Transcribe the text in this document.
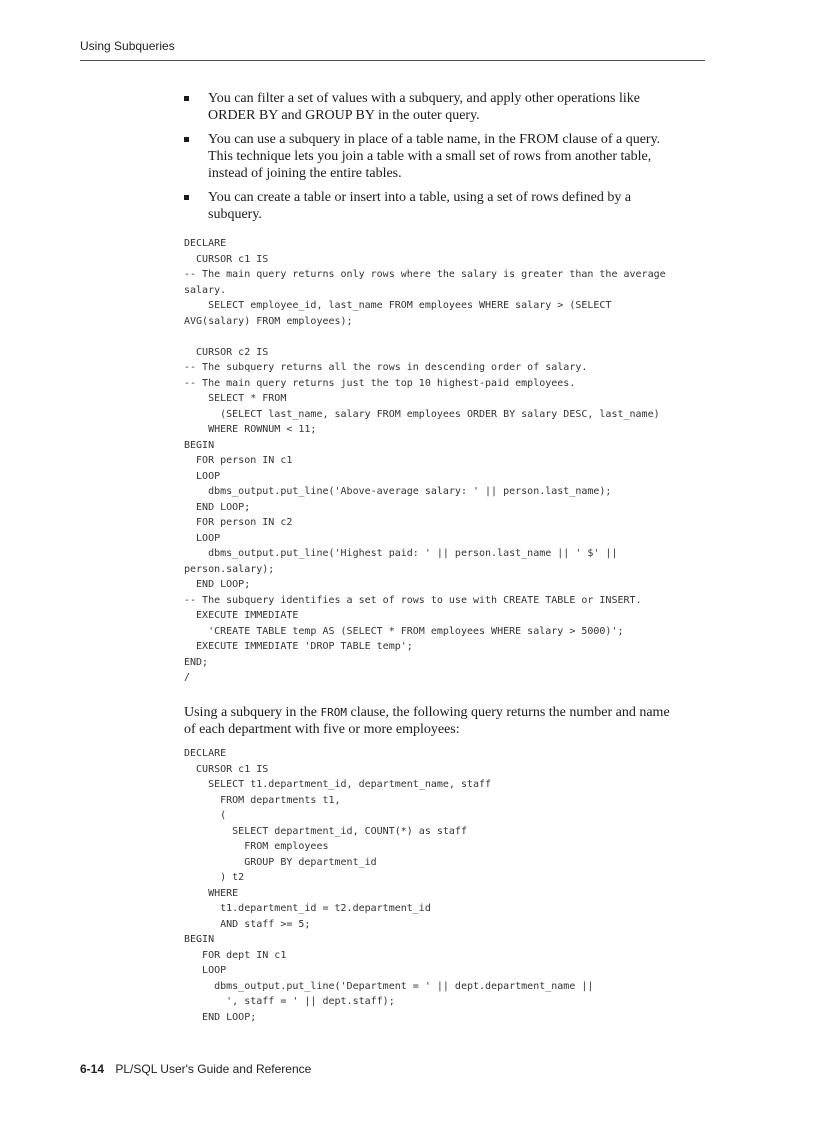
Using Subqueries
You can filter a set of values with a subquery, and apply other operations like ORDER BY and GROUP BY in the outer query.
You can use a subquery in place of a table name, in the FROM clause of a query. This technique lets you join a table with a small set of rows from another table, instead of joining the entire tables.
You can create a table or insert into a table, using a set of rows defined by a subquery.
DECLARE
CURSOR c1 IS
-- The main query returns only rows where the salary is greater than the average
salary.
SELECT employee_id, last_name FROM employees WHERE salary > (SELECT
AVG(salary) FROM employees);

CURSOR c2 IS
-- The subquery returns all the rows in descending order of salary.
-- The main query returns just the top 10 highest-paid employees.
SELECT * FROM
(SELECT last_name, salary FROM employees ORDER BY salary DESC, last_name)
WHERE ROWNUM < 11;
BEGIN
FOR person IN c1
LOOP
dbms_output.put_line('Above-average salary: ' || person.last_name);
END LOOP;
FOR person IN c2
LOOP
dbms_output.put_line('Highest paid: ' || person.last_name || ' $' ||
person.salary);
END LOOP;
-- The subquery identifies a set of rows to use with CREATE TABLE or INSERT.
EXECUTE IMMEDIATE
'CREATE TABLE temp AS (SELECT * FROM employees WHERE salary > 5000)';
EXECUTE IMMEDIATE 'DROP TABLE temp';
END;
/

Using a subquery in the FROM clause, the following query returns the number and name of each department with five or more employees:

DECLARE
CURSOR c1 IS
SELECT t1.department_id, department_name, staff
FROM departments t1,
(
SELECT department_id, COUNT(*) as staff
FROM employees
GROUP BY department_id
) t2
WHERE
t1.department_id = t2.department_id
AND staff >= 5;
BEGIN
FOR dept IN c1
LOOP
dbms_output.put_line('Department = ' || dept.department_name ||
', staff = ' || dept.staff);
END LOOP;
6-14 PL/SQL User's Guide and Reference
